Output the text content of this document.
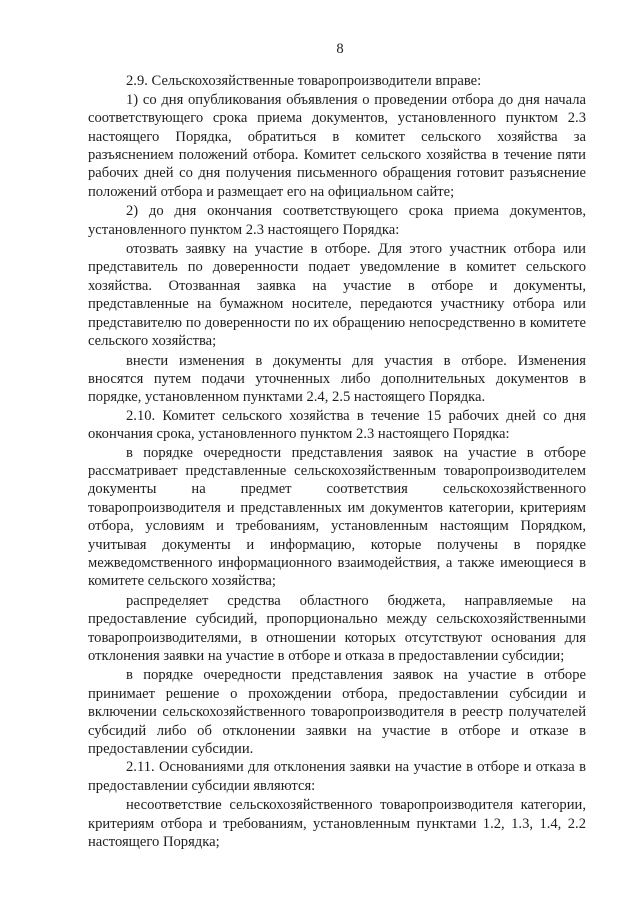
8

2.9. Сельскохозяйственные товаропроизводители вправе:

1) со дня опубликования объявления о проведении отбора до дня начала соответствующего срока приема документов, установленного пунктом 2.3 настоящего Порядка, обратиться в комитет сельского хозяйства за разъяснением положений отбора. Комитет сельского хозяйства в течение пяти рабочих дней со дня получения письменного обращения готовит разъяснение положений отбора и размещает его на официальном сайте;

2) до дня окончания соответствующего срока приема документов, установленного пунктом 2.3 настоящего Порядка:

отозвать заявку на участие в отборе. Для этого участник отбора или представитель по доверенности подает уведомление в комитет сельского хозяйства. Отозванная заявка на участие в отборе и документы, представленные на бумажном носителе, передаются участнику отбора или представителю по доверенности по их обращению непосредственно в комитете сельского хозяйства;

внести изменения в документы для участия в отборе. Изменения вносятся путем подачи уточненных либо дополнительных документов в порядке, установленном пунктами 2.4, 2.5 настоящего Порядка.

2.10. Комитет сельского хозяйства в течение 15 рабочих дней со дня окончания срока, установленного пунктом 2.3 настоящего Порядка:

в порядке очередности представления заявок на участие в отборе рассматривает представленные сельскохозяйственным товаропроизводителем документы на предмет соответствия сельскохозяйственного товаропроизводителя и представленных им документов категории, критериям отбора, условиям и требованиям, установленным настоящим Порядком, учитывая документы и информацию, которые получены в порядке межведомственного информационного взаимодействия, а также имеющиеся в комитете сельского хозяйства;

распределяет средства областного бюджета, направляемые на предоставление субсидий, пропорционально между сельскохозяйственными товаропроизводителями, в отношении которых отсутствуют основания для отклонения заявки на участие в отборе и отказа в предоставлении субсидии;

в порядке очередности представления заявок на участие в отборе принимает решение о прохождении отбора, предоставлении субсидии и включении сельскохозяйственного товаропроизводителя в реестр получателей субсидий либо об отклонении заявки на участие в отборе и отказе в предоставлении субсидии.

2.11. Основаниями для отклонения заявки на участие в отборе и отказа в предоставлении субсидии являются:

несоответствие сельскохозяйственного товаропроизводителя категории, критериям отбора и требованиям, установленным пунктами 1.2, 1.3, 1.4, 2.2 настоящего Порядка;
